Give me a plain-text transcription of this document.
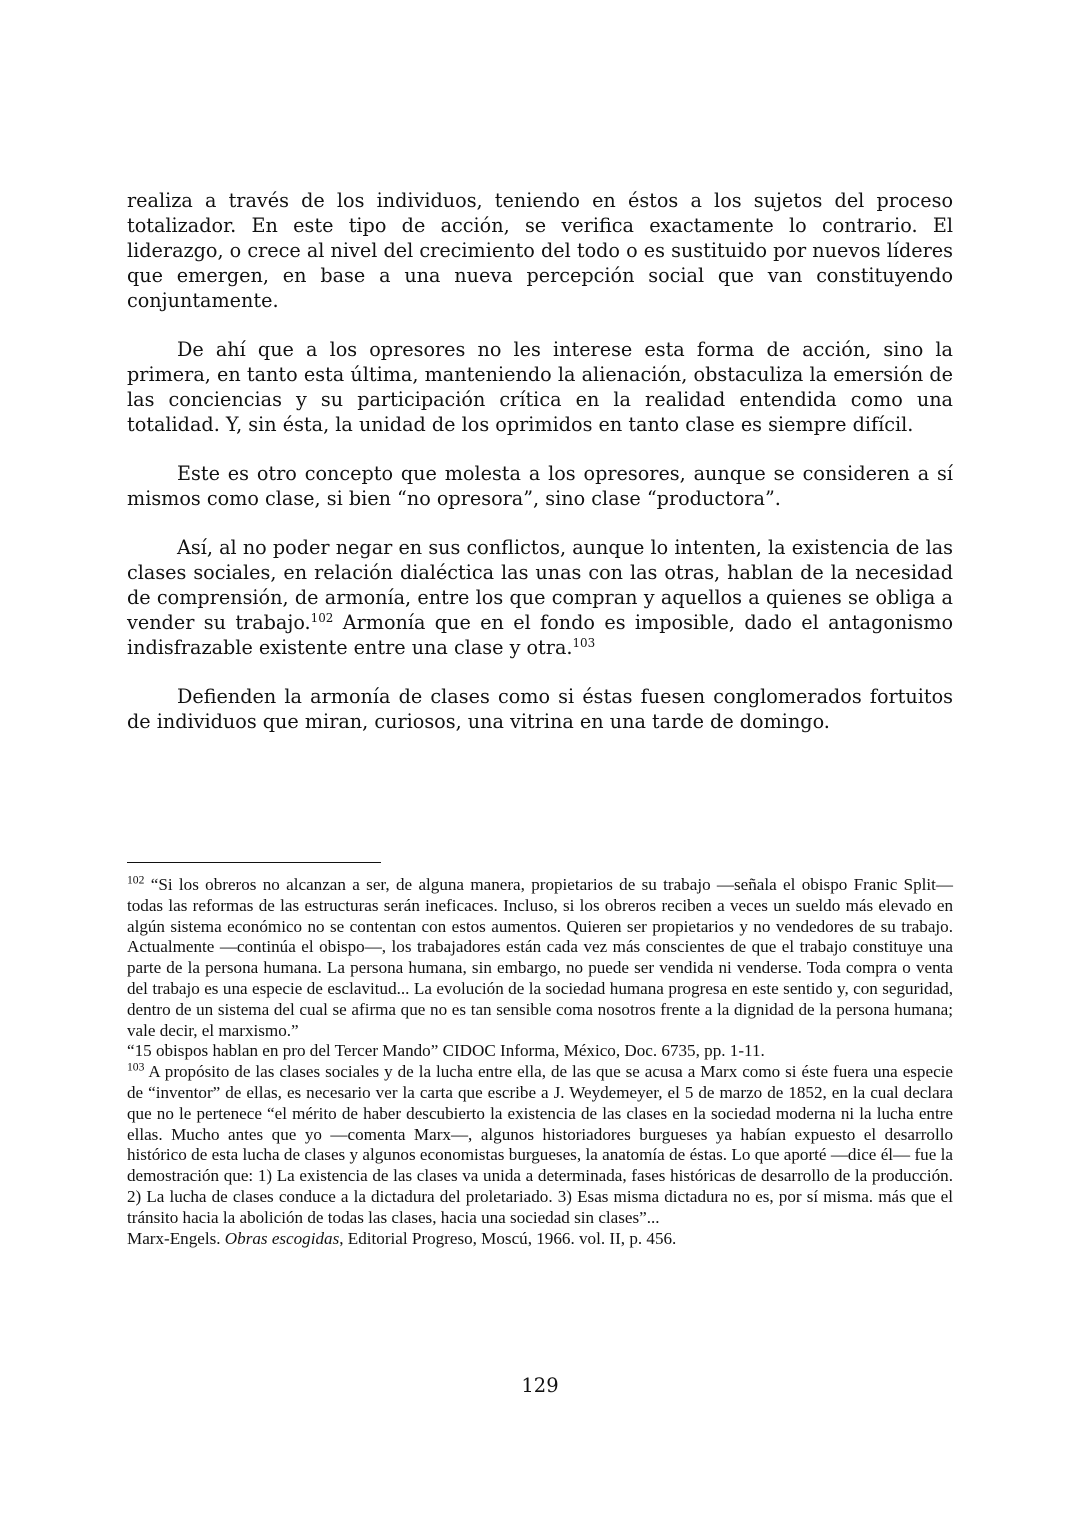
realiza a través de los individuos, teniendo en éstos a los sujetos del proceso totalizador. En este tipo de acción, se verifica exactamente lo contrario. El liderazgo, o crece al nivel del crecimiento del todo o es sustituido por nuevos líderes que emergen, en base a una nueva percepción social que van constituyendo conjuntamente.

De ahí que a los opresores no les interese esta forma de acción, sino la primera, en tanto esta última, manteniendo la alienación, obstaculiza la emersión de las conciencias y su participación crítica en la realidad entendida como una totalidad. Y, sin ésta, la unidad de los oprimidos en tanto clase es siempre difícil.

Este es otro concepto que molesta a los opresores, aunque se consideren a sí mismos como clase, si bien “no opresora”, sino clase “productora”.

Así, al no poder negar en sus conflictos, aunque lo intenten, la existencia de las clases sociales, en relación dialéctica las unas con las otras, hablan de la necesidad de comprensión, de armonía, entre los que compran y aquellos a quienes se obliga a vender su trabajo.$^{102}$ Armonía que en el fondo es imposible, dado el antagonismo indisfrazable existente entre una clase y otra.$^{103}$

Defienden la armonía de clases como si éstas fuesen conglomerados fortuitos de individuos que miran, curiosos, una vitrina en una tarde de domingo.

$^{102}$ “Si los obreros no alcanzan a ser, de alguna manera, propietarios de su trabajo —señala el obispo Franic Split— todas las reformas de las estructuras serán ineficaces. Incluso, si los obreros reciben a veces un sueldo más elevado en algún sistema económico no se contentan con estos aumentos. Quieren ser propietarios y no vendedores de su trabajo. Actualmente —continúa el obispo—, los trabajadores están cada vez más conscientes de que el trabajo constituye una parte de la persona humana. La persona humana, sin embargo, no puede ser vendida ni venderse. Toda compra o venta del trabajo es una especie de esclavitud... La evolución de la sociedad humana progresa en este sentido y, con seguridad, dentro de un sistema del cual se afirma que no es tan sensible coma nosotros frente a la dignidad de la persona humana; vale decir, el marxismo.”

“15 obispos hablan en pro del Tercer Mando” CIDOC Informa, México, Doc. 6735, pp. 1-11.

$^{103}$ A propósito de las clases sociales y de la lucha entre ella, de las que se acusa a Marx como si éste fuera una especie de “inventor” de ellas, es necesario ver la carta que escribe a J. Weydemeyer, el 5 de marzo de 1852, en la cual declara que no le pertenece “el mérito de haber descubierto la existencia de las clases en la sociedad moderna ni la lucha entre ellas. Mucho antes que yo —comenta Marx—, algunos historiadores burgueses ya habían expuesto el desarrollo histórico de esta lucha de clases y algunos economistas burgueses, la anatomía de éstas. Lo que aporté —dice él— fue la demostración que: 1) La existencia de las clases va unida a determinada, fases históricas de desarrollo de la producción. 2) La lucha de clases conduce a la dictadura del proletariado. 3) Esas misma dictadura no es, por sí misma. más que el tránsito hacia la abolición de todas las clases, hacia una sociedad sin clases”...

Marx-Engels. Obras escogidas, Editorial Progreso, Moscú, 1966. vol. II, p. 456.

129
